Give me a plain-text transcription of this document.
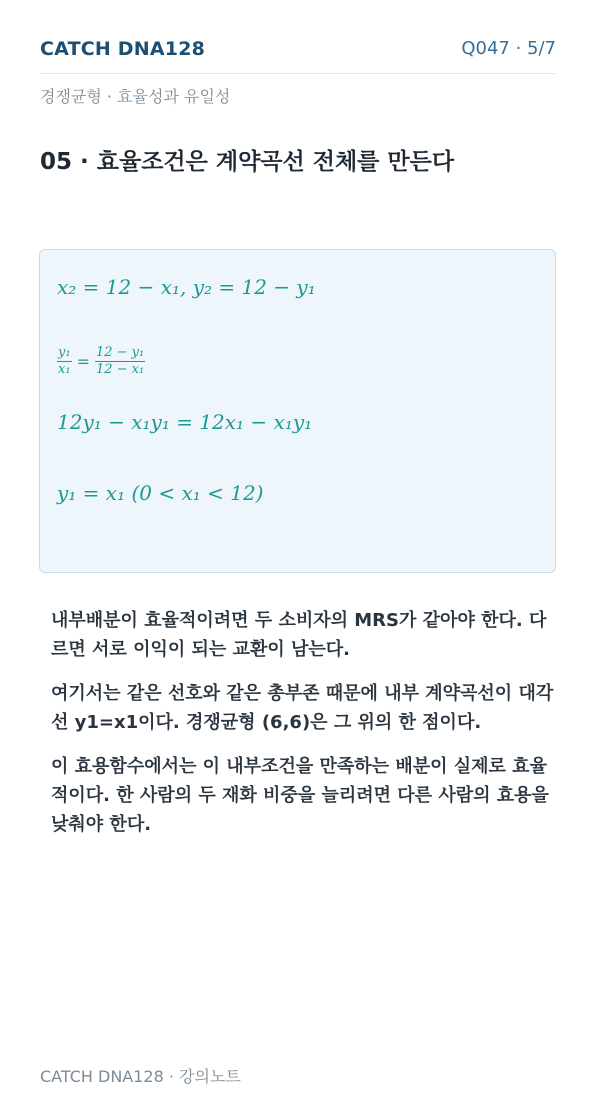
CATCH DNA128	Q047 · 5/7
경쟁균형 · 효율성과 유일성
05 · 효율조건은 계약곡선 전체를 만든다
x₂ = 12 − x₁, y₂ = 12 − y₁
$\frac{\text{y₁}}{\text{x₁}} = \frac{\text{12 − y₁}}{\text{12 − x₁}}$
12y₁ − x₁y₁ = 12x₁ − x₁y₁
y₁ = x₁ (0 < x₁ < 12)

내부배분이 효율적이려면 두 소비자의 MRS가 같아야 한다. 다르면 서로 이익이 되는 교환이 남는다.

여기서는 같은 선호와 같은 총부존 때문에 내부 계약곡선이 대각선 y1=x1이다. 경쟁균형 (6,6)은 그 위의 한 점이다.

이 효용함수에서는 이 내부조건을 만족하는 배분이 실제로 효율적이다. 한 사람의 두 재화 비중을 늘리려면 다른 사람의 효용을 낮춰야 한다.

CATCH DNA128 · 강의노트
